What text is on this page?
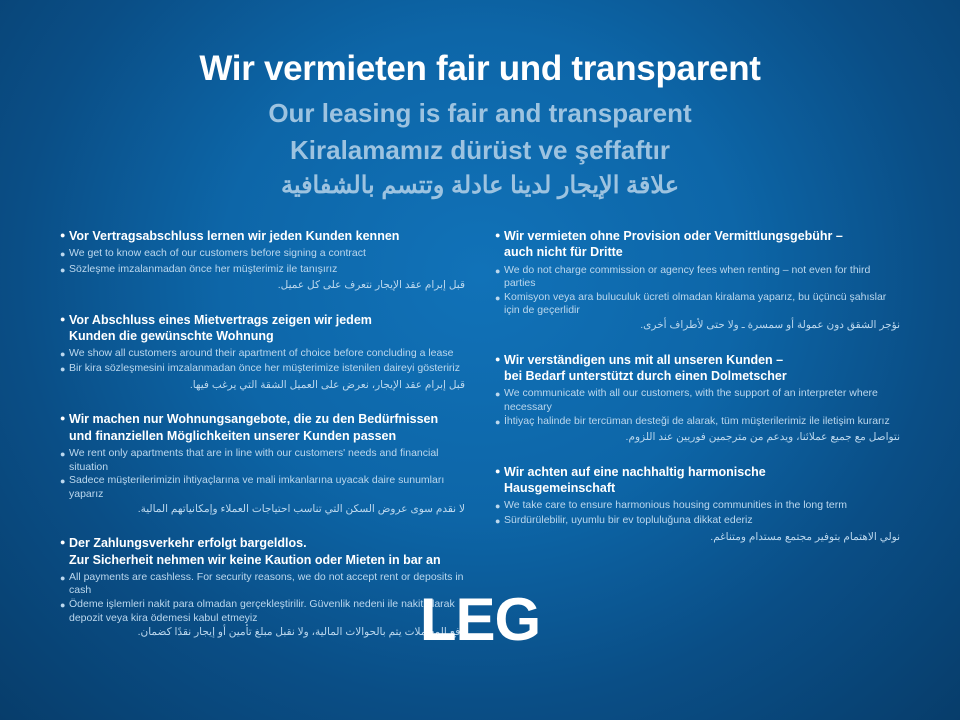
Wir vermieten fair und transparent
Our leasing is fair and transparent
Kiralamamız dürüst ve şeffaftır
علاقة الإيجار لدينا عادلة وتتسم بالشفافية
● Vor Vertragsabschluss lernen wir jeden Kunden kennen
● We get to know each of our customers before signing a contract
● Sözleşme imzalanmadan önce her müşterimiz ile tanışırız
‏قبل إبرام عقد الإيجار نتعرف على كل عميل.
● Vor Abschluss eines Mietvertrags zeigen wir jedem
Kunden die gewünschte Wohnung
● We show all customers around their apartment of choice before concluding a lease
● Bir kira sözleşmesini imzalanmadan önce her müşterimize istenilen daireyi gösteririz
‏قبل إبرام عقد الإيجار، نعرض على العميل الشقة التي يرغب فيها.
● Wir machen nur Wohnungsangebote, die zu den Bedürfnissen
und finanziellen Möglichkeiten unserer Kunden passen
● We rent only apartments that are in line with our customers' needs and financial situation
● Sadece müşterilerimizin ihtiyaçlarına ve mali imkanlarına uyacak daire sunumları yaparız
‏لا نقدم سوى عروض السكن التي تناسب احتياجات العملاء وإمكانياتهم المالية.
● Der Zahlungsverkehr erfolgt bargeldlos.
Zur Sicherheit nehmen wir keine Kaution oder Mieten in bar an
● All payments are cashless. For security reasons, we do not accept rent or deposits in cash
● Ödeme işlemleri nakit para olmadan gerçekleştirilir. Güvenlik nedeni ile nakit olarak depozit veya kira ödemesi kabul etmeyiz
‏دفع المعاملات يتم بالحوالات المالية، ولا نقبل مبلغ تأمين أو إيجار نقدًا كضمان.
● Wir vermieten ohne Provision oder Vermittlungsgebühr –
auch nicht für Dritte
● We do not charge commission or agency fees when renting – not even for third parties
● Komisyon veya ara buluculuk ücreti olmadan kiralama yaparız, bu üçüncü şahıslar için de geçerlidir
‏نؤجر الشقق دون عمولة أو سمسرة ـ ولا حتى لأطراف أخرى.
● Wir verständigen uns mit all unseren Kunden –
bei Bedarf unterstützt durch einen Dolmetscher
● We communicate with all our customers, with the support of an interpreter where necessary
● İhtiyaç halinde bir tercüman desteği de alarak, tüm müşterilerimiz ile iletişim kurarız
‏نتواصل مع جميع عملائنا، ويدعم من مترجمين فوريين عند اللزوم.
● Wir achten auf eine nachhaltig harmonische
Hausgemeinschaft
● We take care to ensure harmonious housing communities in the long term
● Sürdürülebilir, uyumlu bir ev topluluğuna dikkat ederiz
‏نولي الاهتمام بتوفير مجتمع مستدام ومتناغم.
LEG
